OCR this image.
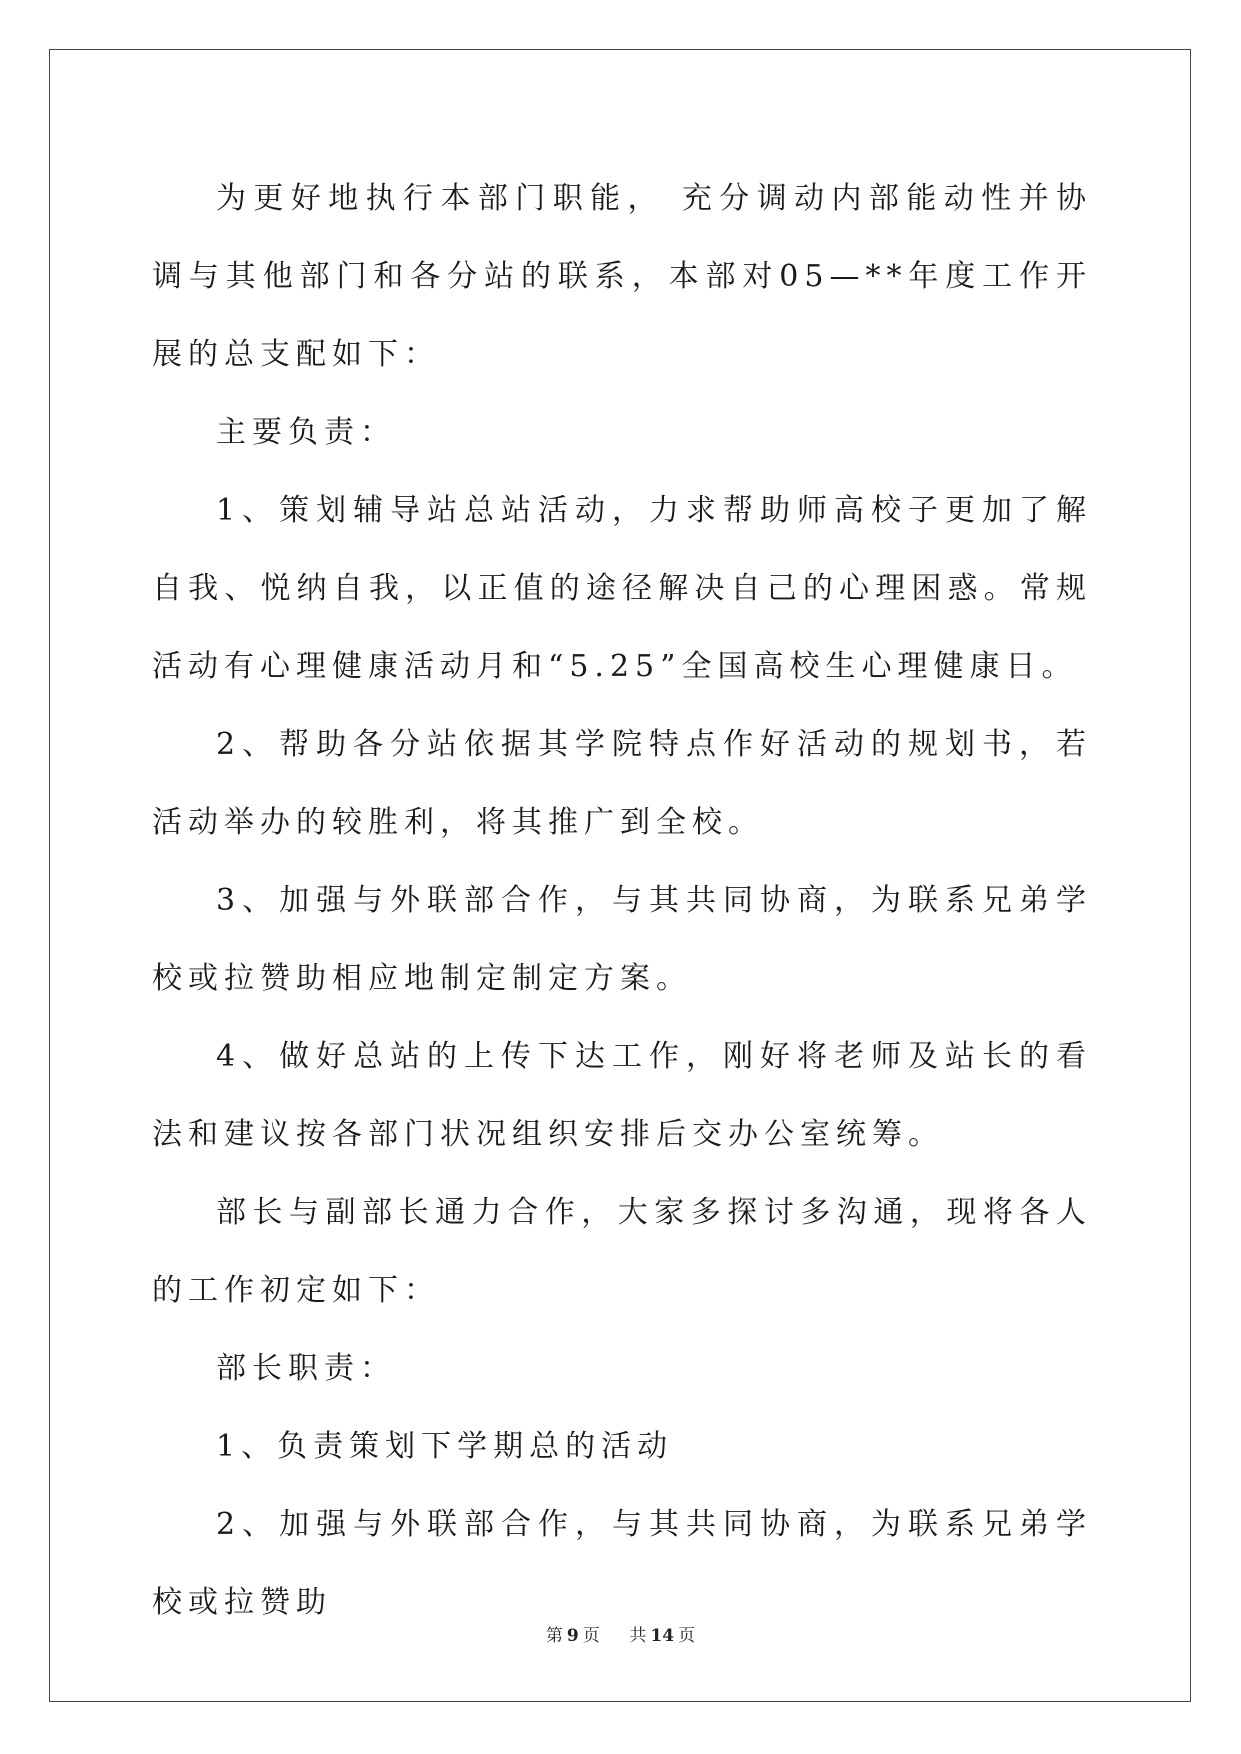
为更好地执行本部门职能， 充分调动内部能动性并协调与其他部门和各分站的联系，本部对05—**年度工作开展的总支配如下：

主要负责：

1、策划辅导站总站活动，力求帮助师高校子更加了解自我、悦纳自我，以正值的途径解决自己的心理困惑。常规活动有心理健康活动月和“5.25”全国高校生心理健康日。

2、帮助各分站依据其学院特点作好活动的规划书，若活动举办的较胜利，将其推广到全校。

3、加强与外联部合作，与其共同协商，为联系兄弟学校或拉赞助相应地制定制定方案。

4、做好总站的上传下达工作，刚好将老师及站长的看法和建议按各部门状况组织安排后交办公室统筹。

部长与副部长通力合作，大家多探讨多沟通，现将各人的工作初定如下：

部长职责：

1、负责策划下学期总的活动

2、加强与外联部合作，与其共同协商，为联系兄弟学校或拉赞助

第 9 页 共 14 页
